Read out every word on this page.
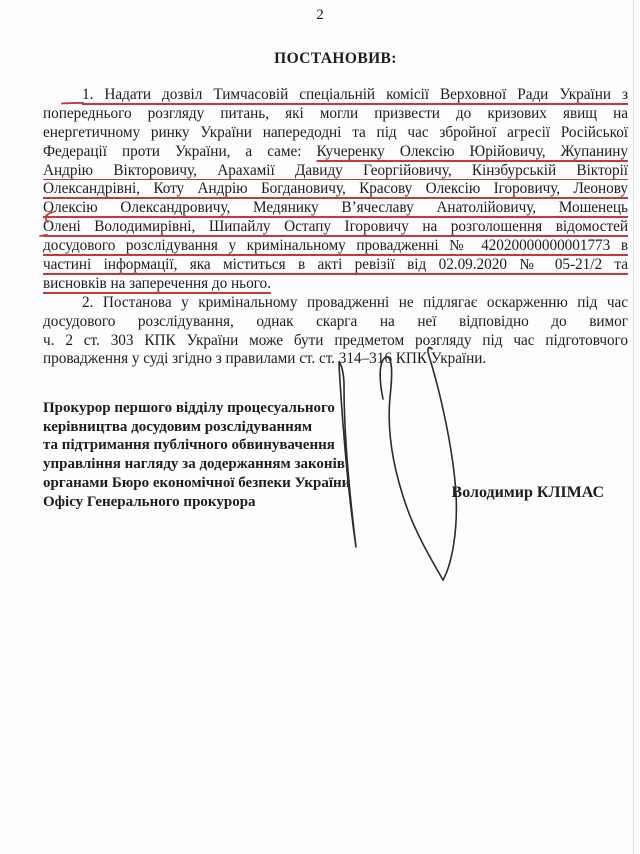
2
ПОСТАНОВИВ:
1. Надати дозвіл Тимчасовій спеціальній комісії Верховної Ради України з
попереднього розгляду питань, які могли призвести до кризових явищ на
енергетичному ринку України напередодні та під час збройної агресії Російської
Федерації проти України, а саме: Кучеренку Олексію Юрійовичу, Жупанину
Андрію Вікторовичу, Арахамії Давиду Георгійовичу, Кінзбурській Вікторії
Олександрівні, Коту Андрію Богдановичу, Красову Олексію Ігоровичу, Леонову
Олексію Олександровичу, Медянику В’ячеславу Анатолійовичу, Мошенець
Олені Володимирівні, Шипайлу Остапу Ігоровичу на розголошення відомостей
досудового розслідування у кримінальному провадженні № 42020000000001773 в
частині інформації, яка міститься в акті ревізії від 02.09.2020 № 05-21/2 та
висновків на заперечення до нього.
2. Постанова у кримінальному провадженні не підлягає оскарженню під час
досудового розслідування, однак скарга на неї відповідно до вимог
ч. 2 ст. 303 КПК України може бути предметом розгляду під час підготовчого
провадження у суді згідно з правилами ст. ст. 314–316 КПК України.
Прокурор першого відділу процесуального
керівництва досудовим розслідуванням
та підтримання публічного обвинувачення
управління нагляду за додержанням законів
органами Бюро економічної безпеки України
Офісу Генерального прокурора
Володимир КЛІМАС
